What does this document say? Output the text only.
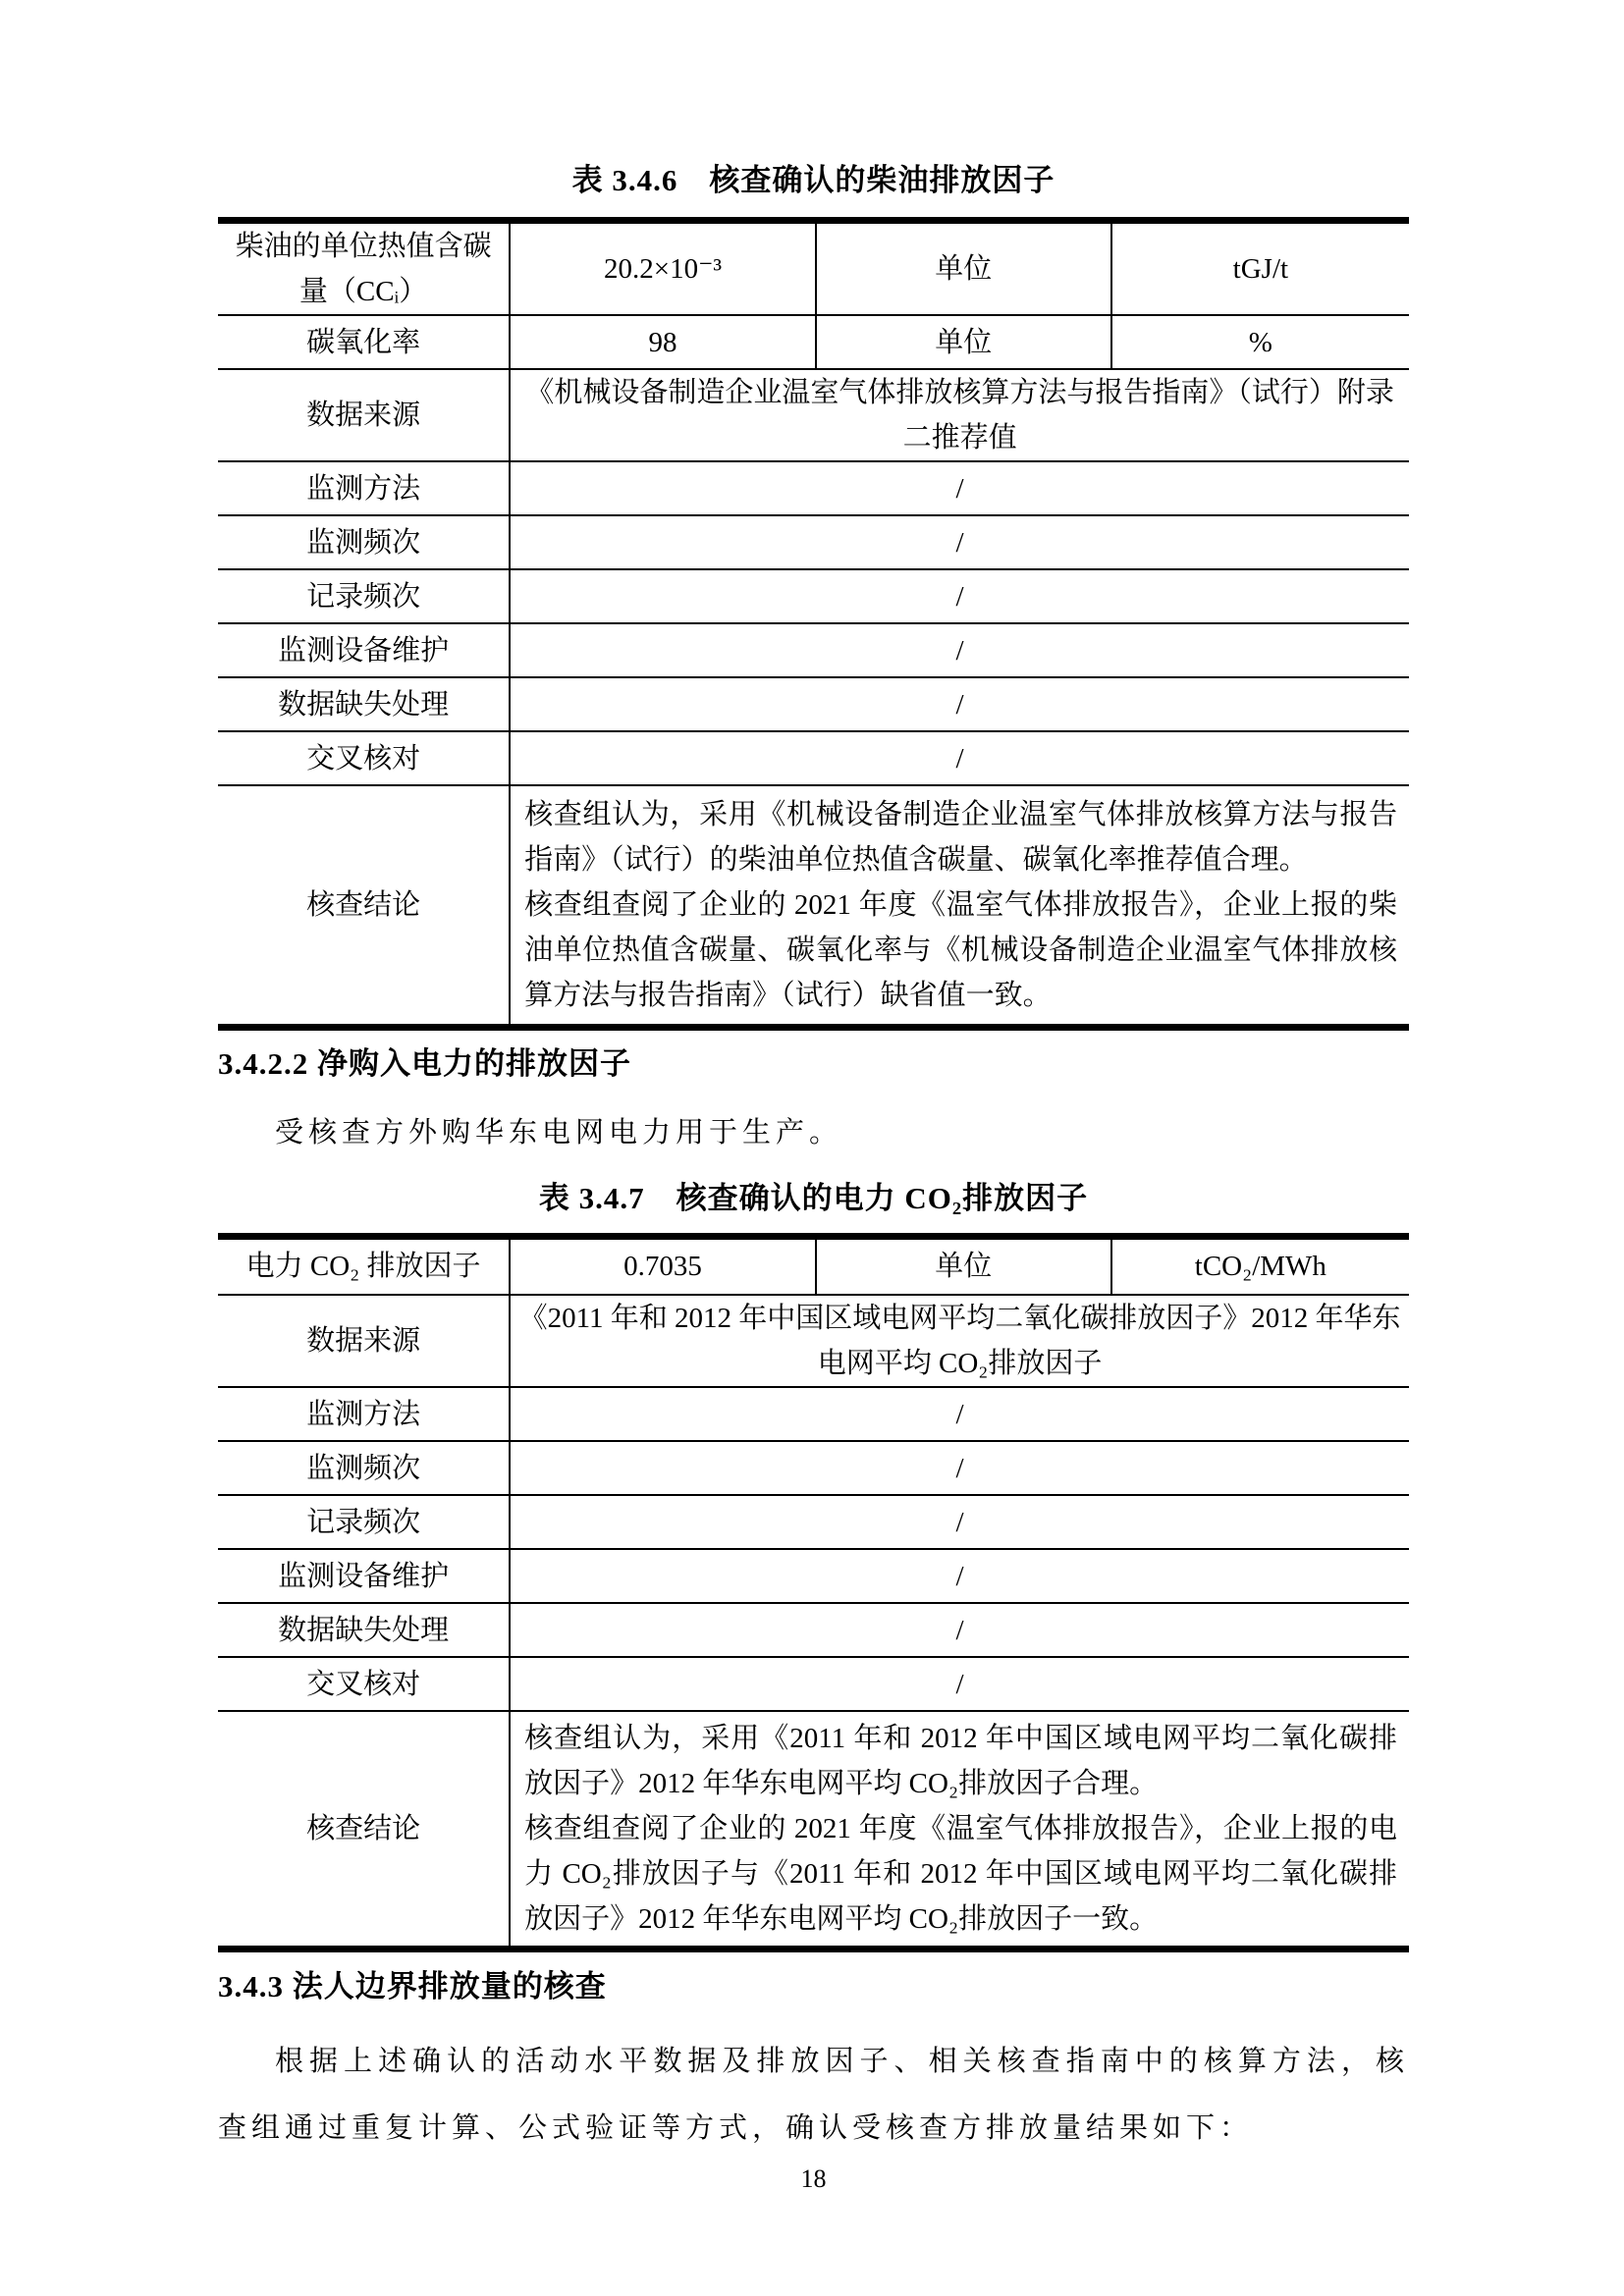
表 3.4.6　核查确认的柴油排放因子
柴油的单位热值含碳量（CCᵢ）	20.2×10⁻³	单位	tGJ/t
碳氧化率	98	单位	%
数据来源	《机械设备制造企业温室气体排放核算方法与报告指南》（试行）附录二推荐值		
监测方法	/		
监测频次	/		
记录频次	/		
监测设备维护	/		
数据缺失处理	/		
交叉核对	/		
核查结论	核查组认为，采用《机械设备制造企业温室气体排放核算方法与报告指南》（试行）的柴油单位热值含碳量、碳氧化率推荐值合理。
核查组查阅了企业的 2021 年度《温室气体排放报告》，企业上报的柴油单位热值含碳量、碳氧化率与《机械设备制造企业温室气体排放核算方法与报告指南》（试行）缺省值一致。		
3.4.2.2 净购入电力的排放因子
受核查方外购华东电网电力用于生产。
表 3.4.7　核查确认的电力 CO₂排放因子
电力 CO₂ 排放因子	0.7035	单位	tCO₂/MWh
数据来源	《2011 年和 2012 年中国区域电网平均二氧化碳排放因子》2012 年华东电网平均 CO₂排放因子		
监测方法	/		
监测频次	/		
记录频次	/		
监测设备维护	/		
数据缺失处理	/		
交叉核对	/		
核查结论	核查组认为，采用《2011 年和 2012 年中国区域电网平均二氧化碳排放因子》2012 年华东电网平均 CO₂排放因子合理。
核查组查阅了企业的 2021 年度《温室气体排放报告》，企业上报的电力 CO₂排放因子与《2011 年和 2012 年中国区域电网平均二氧化碳排放因子》2012 年华东电网平均 CO₂排放因子一致。		
3.4.3 法人边界排放量的核查
根据上述确认的活动水平数据及排放因子、相关核查指南中的核算方法，核查组通过重复计算、公式验证等方式，确认受核查方排放量结果如下：
18
